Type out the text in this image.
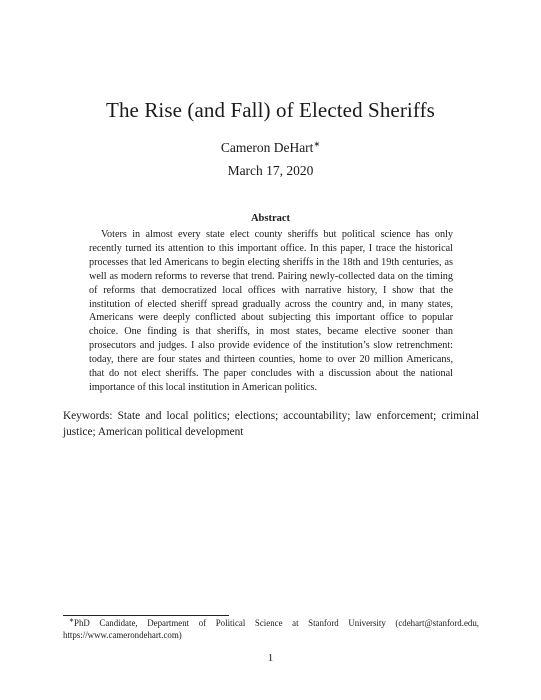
The Rise (and Fall) of Elected Sheriffs
Cameron DeHart∗
March 17, 2020
Abstract
Voters in almost every state elect county sheriffs but political science has only recently turned its attention to this important office. In this paper, I trace the historical processes that led Americans to begin electing sheriffs in the 18th and 19th centuries, as well as modern reforms to reverse that trend. Pairing newly-collected data on the timing of reforms that democratized local offices with narrative history, I show that the institution of elected sheriff spread gradually across the country and, in many states, Americans were deeply conflicted about subjecting this important office to popular choice. One finding is that sheriffs, in most states, became elective sooner than prosecutors and judges. I also provide evidence of the institution’s slow retrenchment: today, there are four states and thirteen counties, home to over 20 million Americans, that do not elect sheriffs. The paper concludes with a discussion about the national importance of this local institution in American politics.
Keywords: State and local politics; elections; accountability; law enforcement; criminal justice; American political development
∗PhD Candidate, Department of Political Science at Stanford University (cdehart@stanford.edu, https://www.camerondehart.com)
1
